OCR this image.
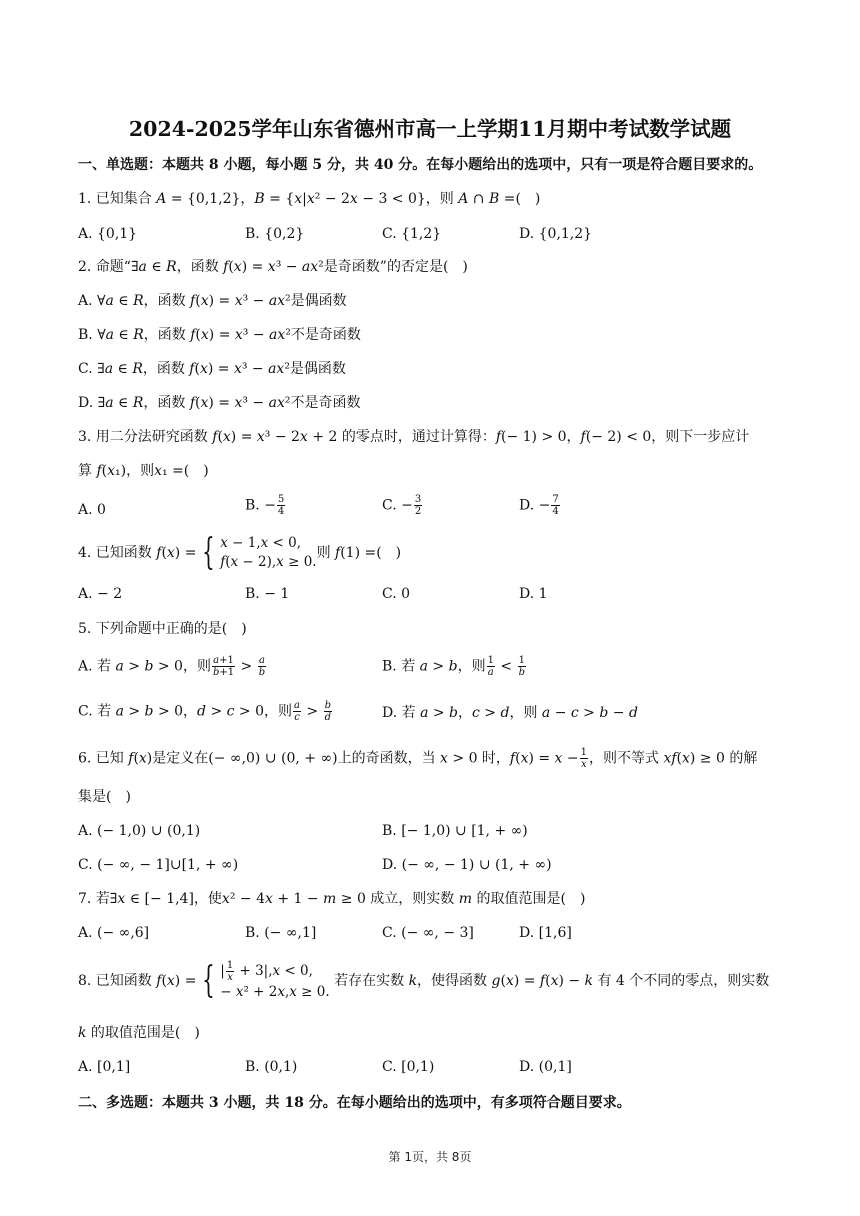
2024-2025学年山东省德州市高一上学期11月期中考试数学试题
一、单选题：本题共 8 小题，每小题 5 分，共 40 分。在每小题给出的选项中，只有一项是符合题目要求的。
1. 已知集合 𝐴 = {0,1,2}，𝐵 = {𝑥|𝑥² − 2𝑥 − 3 < 0}，则 𝐴 ∩ 𝐵 =(　)
A. {0,1}	B. {0,2}	C. {1,2}	D. {0,1,2}
2. 命题“∃𝑎 ∈ 𝑅，函数 𝑓(𝑥) = 𝑥³ − 𝑎𝑥²是奇函数”的否定是(　)
A. ∀𝑎 ∈ 𝑅，函数 𝑓(𝑥) = 𝑥³ − 𝑎𝑥²是偶函数
B. ∀𝑎 ∈ 𝑅，函数 𝑓(𝑥) = 𝑥³ − 𝑎𝑥²不是奇函数
C. ∃𝑎 ∈ 𝑅，函数 𝑓(𝑥) = 𝑥³ − 𝑎𝑥²是偶函数
D. ∃𝑎 ∈ 𝑅，函数 𝑓(𝑥) = 𝑥³ − 𝑎𝑥²不是奇函数
3. 用二分法研究函数 𝑓(𝑥) = 𝑥³ − 2𝑥 + 2 的零点时，通过计算得：𝑓(− 1) > 0，𝑓(− 2) < 0，则下一步应计
算 𝑓(𝑥₁)，则𝑥₁ =(　)
A. 0	B. − $\frac{5}{4}$	C. − $\frac{3}{2}$	D. − $\frac{7}{4}$
4. 已知函数 𝑓(𝑥) = { 𝑥 − 1,𝑥 < 0,
𝑓(𝑥 − 2),𝑥 ≥ 0.
则 𝑓(1) =(　)
A. − 2	B. − 1	C. 0	D. 1
5. 下列命题中正确的是(　)
A. 若 𝑎 > 𝑏 > 0，则 $\frac{\text{𝑎+1}}{\text{𝑏+1}} > \frac{\text{𝑎}}{\text{𝑏}}$	B. 若 𝑎 > 𝑏，则 $\frac{1}{\text{𝑎}} < \frac{1}{\text{𝑏}}$
C. 若 𝑎 > 𝑏 > 0，𝑑 > 𝑐 > 0，则 $\frac{\text{𝑎}}{\text{𝑐}} > \frac{\text{𝑏}}{\text{𝑑}}$	D. 若 𝑎 > 𝑏，𝑐 > 𝑑，则 𝑎 − 𝑐 > 𝑏 − 𝑑
6. 已知 𝑓(𝑥)是定义在(− ∞,0) ∪ (0, + ∞)上的奇函数，当 𝑥 > 0 时，𝑓(𝑥) = 𝑥 − $\frac{1}{\text{𝑥}}$ ，则不等式 𝑥𝑓(𝑥) ≥ 0 的解
集是(　)
A. (− 1,0) ∪ (0,1)	B. [− 1,0) ∪ [1, + ∞)
C. (− ∞, − 1]∪[1, + ∞)	D. (− ∞, − 1) ∪ (1, + ∞)
7. 若∃𝑥 ∈ [− 1,4]，使𝑥² − 4𝑥 + 1 − 𝑚 ≥ 0 成立，则实数 𝑚 的取值范围是(　)
A. (− ∞,6]	B. (− ∞,1]	C. (− ∞, − 3]	D. [1,6]
8. 已知函数 𝑓(𝑥) = { | $\frac{1}{\text{𝑥}}$ + 3|,𝑥 < 0,
− 𝑥² + 2𝑥,𝑥 ≥ 0.
若存在实数 𝑘，使得函数 𝑔(𝑥) = 𝑓(𝑥) − 𝑘 有 4 个不同的零点，则实数
𝑘 的取值范围是(　)
A. [0,1]	B. (0,1)	C. [0,1)	D. (0,1]
二、多选题：本题共 3 小题，共 18 分。在每小题给出的选项中，有多项符合题目要求。
第 1页，共 8页
